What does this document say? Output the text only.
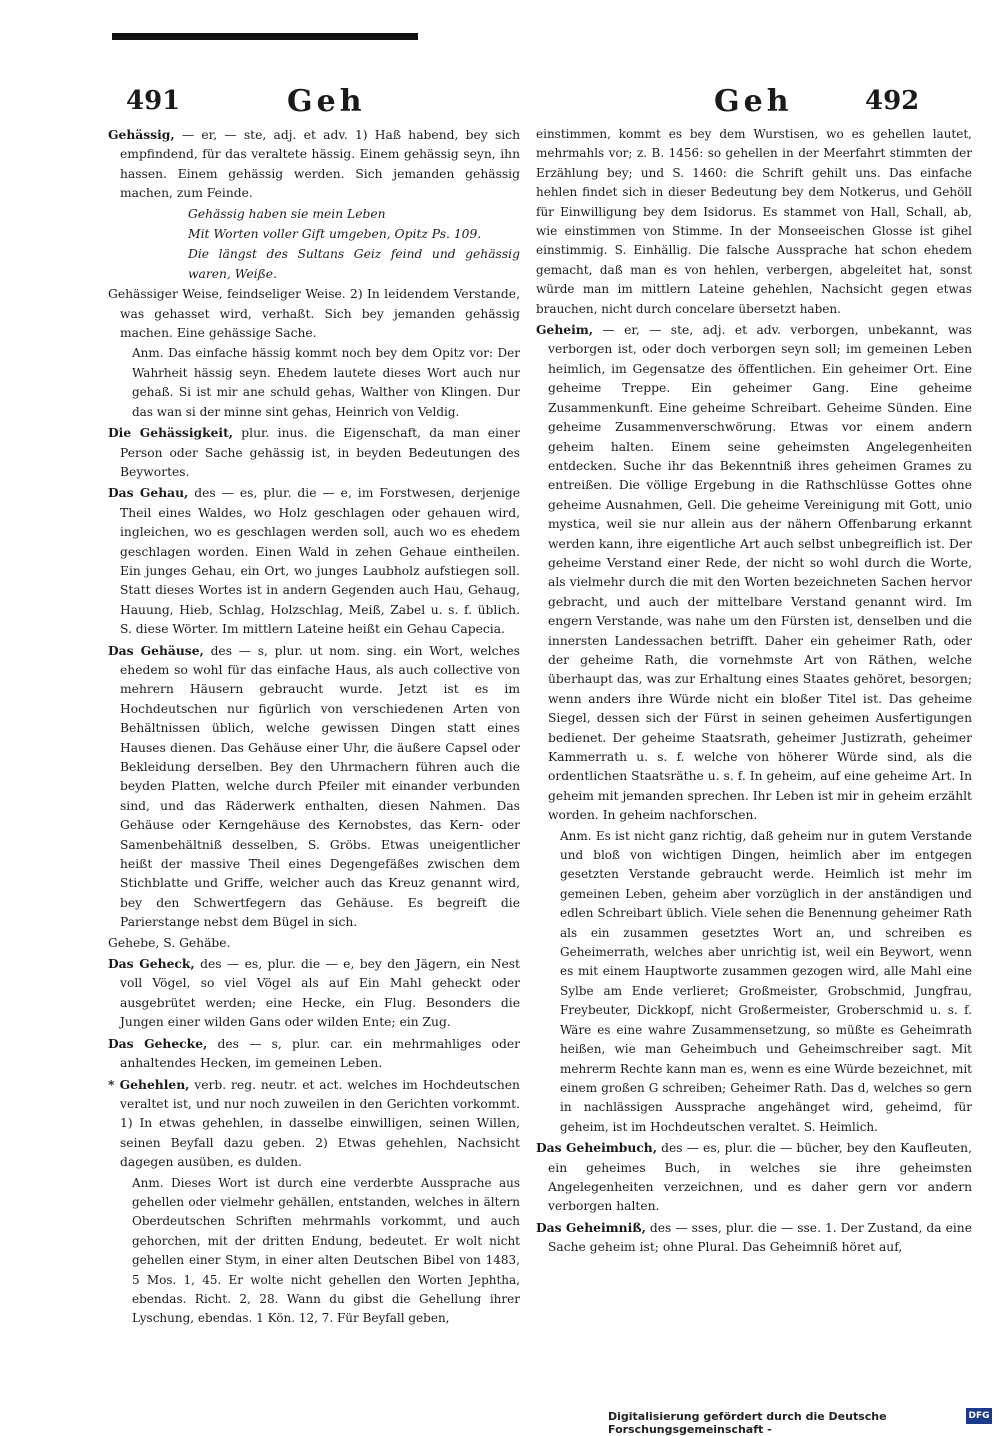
491	Geh	Geh	492

Gehässig, — er, — ste, adj. et adv. 1) Haß habend, bey sich empfindend, für das veraltete hässig. Einem gehässig seyn, ihn hassen. Einem gehässig werden. Sich jemanden gehässig machen, zum Feinde.

Gehässig haben sie mein Leben

Mit Worten voller Gift umgeben, Opitz Ps. 109.

Die längst des Sultans Geiz feind und gehässig waren, Weiße.

Gehässiger Weise, feindseliger Weise. 2) In leidendem Verstande, was gehasset wird, verhaßt. Sich bey jemanden gehässig machen. Eine gehässige Sache.

Anm. Das einfache hässig kommt noch bey dem Opitz vor: Der Wahrheit hässig seyn. Ehedem lautete dieses Wort auch nur gehaß. Si ist mir ane schuld gehas, Walther von Klingen. Dur das wan si der minne sint gehas, Heinrich von Veldig.

Die Gehässigkeit, plur. inus. die Eigenschaft, da man einer Person oder Sache gehässig ist, in beyden Bedeutungen des Beywortes.

Das Gehau, des — es, plur. die — e, im Forstwesen, derjenige Theil eines Waldes, wo Holz geschlagen oder gehauen wird, ingleichen, wo es geschlagen werden soll, auch wo es ehedem geschlagen worden. Einen Wald in zehen Gehaue eintheilen. Ein junges Gehau, ein Ort, wo junges Laubholz aufstiegen soll. Statt dieses Wortes ist in andern Gegenden auch Hau, Gehaug, Hauung, Hieb, Schlag, Holzschlag, Meiß, Zabel u. s. f. üblich. S. diese Wörter. Im mittlern Lateine heißt ein Gehau Capecia.

Das Gehäuse, des — s, plur. ut nom. sing. ein Wort, welches ehedem so wohl für das einfache Haus, als auch collective von mehrern Häusern gebraucht wurde. Jetzt ist es im Hochdeutschen nur figürlich von verschiedenen Arten von Behältnissen üblich, welche gewissen Dingen statt eines Hauses dienen. Das Gehäuse einer Uhr, die äußere Capsel oder Bekleidung derselben. Bey den Uhrmachern führen auch die beyden Platten, welche durch Pfeiler mit einander verbunden sind, und das Räderwerk enthalten, diesen Nahmen. Das Gehäuse oder Kerngehäuse des Kernobstes, das Kern- oder Samenbehältniß desselben, S. Gröbs. Etwas uneigentlicher heißt der massive Theil eines Degengefäßes zwischen dem Stichblatte und Griffe, welcher auch das Kreuz genannt wird, bey den Schwertfegern das Gehäuse. Es begreift die Parierstange nebst dem Bügel in sich.

Gehebe, S. Gehäbe.

Das Geheck, des — es, plur. die — e, bey den Jägern, ein Nest voll Vögel, so viel Vögel als auf Ein Mahl geheckt oder ausgebrütet werden; eine Hecke, ein Flug. Besonders die Jungen einer wilden Gans oder wilden Ente; ein Zug.

Das Gehecke, des — s, plur. car. ein mehrmahliges oder anhaltendes Hecken, im gemeinen Leben.

* Gehehlen, verb. reg. neutr. et act. welches im Hochdeutschen veraltet ist, und nur noch zuweilen in den Gerichten vorkommt. 1) In etwas gehehlen, in dasselbe einwilligen, seinen Willen, seinen Beyfall dazu geben. 2) Etwas gehehlen, Nachsicht dagegen ausüben, es dulden.

Anm. Dieses Wort ist durch eine verderbte Aussprache aus gehellen oder vielmehr gehällen, entstanden, welches in ältern Oberdeutschen Schriften mehrmahls vorkommt, und auch gehorchen, mit der dritten Endung, bedeutet. Er wolt nicht gehellen einer Stym, in einer alten Deutschen Bibel von 1483, 5 Mos. 1, 45. Er wolte nicht gehellen den Worten Jephtha, ebendas. Richt. 2, 28. Wann du gibst die Gehellung ihrer Lyschung, ebendas. 1 Kön. 12, 7. Für Beyfall geben,

einstimmen, kommt es bey dem Wurstisen, wo es gehellen lautet, mehrmahls vor; z. B. 1456: so gehellen in der Meerfahrt stimmten der Erzählung bey; und S. 1460: die Schrift gehilt uns. Das einfache hehlen findet sich in dieser Bedeutung bey dem Notkerus, und Gehöll für Einwilligung bey dem Isidorus. Es stammet von Hall, Schall, ab, wie einstimmen von Stimme. In der Monseeischen Glosse ist gihel einstimmig. S. Einhällig. Die falsche Aussprache hat schon ehedem gemacht, daß man es von hehlen, verbergen, abgeleitet hat, sonst würde man im mittlern Lateine gehehlen, Nachsicht gegen etwas brauchen, nicht durch concelare übersetzt haben.

Geheim, — er, — ste, adj. et adv. verborgen, unbekannt, was verborgen ist, oder doch verborgen seyn soll; im gemeinen Leben heimlich, im Gegensatze des öffentlichen. Ein geheimer Ort. Eine geheime Treppe. Ein geheimer Gang. Eine geheime Zusammenkunft. Eine geheime Schreibart. Geheime Sünden. Eine geheime Zusammenverschwörung. Etwas vor einem andern geheim halten. Einem seine geheimsten Angelegenheiten entdecken. Suche ihr das Bekenntniß ihres geheimen Grames zu entreißen. Die völlige Ergebung in die Rathschlüsse Gottes ohne geheime Ausnahmen, Gell. Die geheime Vereinigung mit Gott, unio mystica, weil sie nur allein aus der nähern Offenbarung erkannt werden kann, ihre eigentliche Art auch selbst unbegreiflich ist. Der geheime Verstand einer Rede, der nicht so wohl durch die Worte, als vielmehr durch die mit den Worten bezeichneten Sachen hervor gebracht, und auch der mittelbare Verstand genannt wird. Im engern Verstande, was nahe um den Fürsten ist, denselben und die innersten Landessachen betrifft. Daher ein geheimer Rath, oder der geheime Rath, die vornehmste Art von Räthen, welche überhaupt das, was zur Erhaltung eines Staates gehöret, besorgen; wenn anders ihre Würde nicht ein bloßer Titel ist. Das geheime Siegel, dessen sich der Fürst in seinen geheimen Ausfertigungen bedienet. Der geheime Staatsrath, geheimer Justizrath, geheimer Kammerrath u. s. f. welche von höherer Würde sind, als die ordentlichen Staatsräthe u. s. f. In geheim, auf eine geheime Art. In geheim mit jemanden sprechen. Ihr Leben ist mir in geheim erzählt worden. In geheim nachforschen.

Anm. Es ist nicht ganz richtig, daß geheim nur in gutem Verstande und bloß von wichtigen Dingen, heimlich aber im entgegen gesetzten Verstande gebraucht werde. Heimlich ist mehr im gemeinen Leben, geheim aber vorzüglich in der anständigen und edlen Schreibart üblich. Viele sehen die Benennung geheimer Rath als ein zusammen gesetztes Wort an, und schreiben es Geheimerrath, welches aber unrichtig ist, weil ein Beywort, wenn es mit einem Hauptworte zusammen gezogen wird, alle Mahl eine Sylbe am Ende verlieret; Großmeister, Grobschmid, Jungfrau, Freybeuter, Dickkopf, nicht Großermeister, Groberschmid u. s. f. Wäre es eine wahre Zusammensetzung, so müßte es Geheimrath heißen, wie man Geheimbuch und Geheimschreiber sagt. Mit mehrerm Rechte kann man es, wenn es eine Würde bezeichnet, mit einem großen G schreiben; Geheimer Rath. Das d, welches so gern in nachlässigen Aussprache angehänget wird, geheimd, für geheim, ist im Hochdeutschen veraltet. S. Heimlich.

Das Geheimbuch, des — es, plur. die — bücher, bey den Kaufleuten, ein geheimes Buch, in welches sie ihre geheimsten Angelegenheiten verzeichnen, und es daher gern vor andern verborgen halten.

Das Geheimniß, des — sses, plur. die — sse. 1. Der Zustand, da eine Sache geheim ist; ohne Plural. Das Geheimniß höret auf,

Digitalisierung gefördert durch die Deutsche Forschungsgemeinschaft -
DFG
